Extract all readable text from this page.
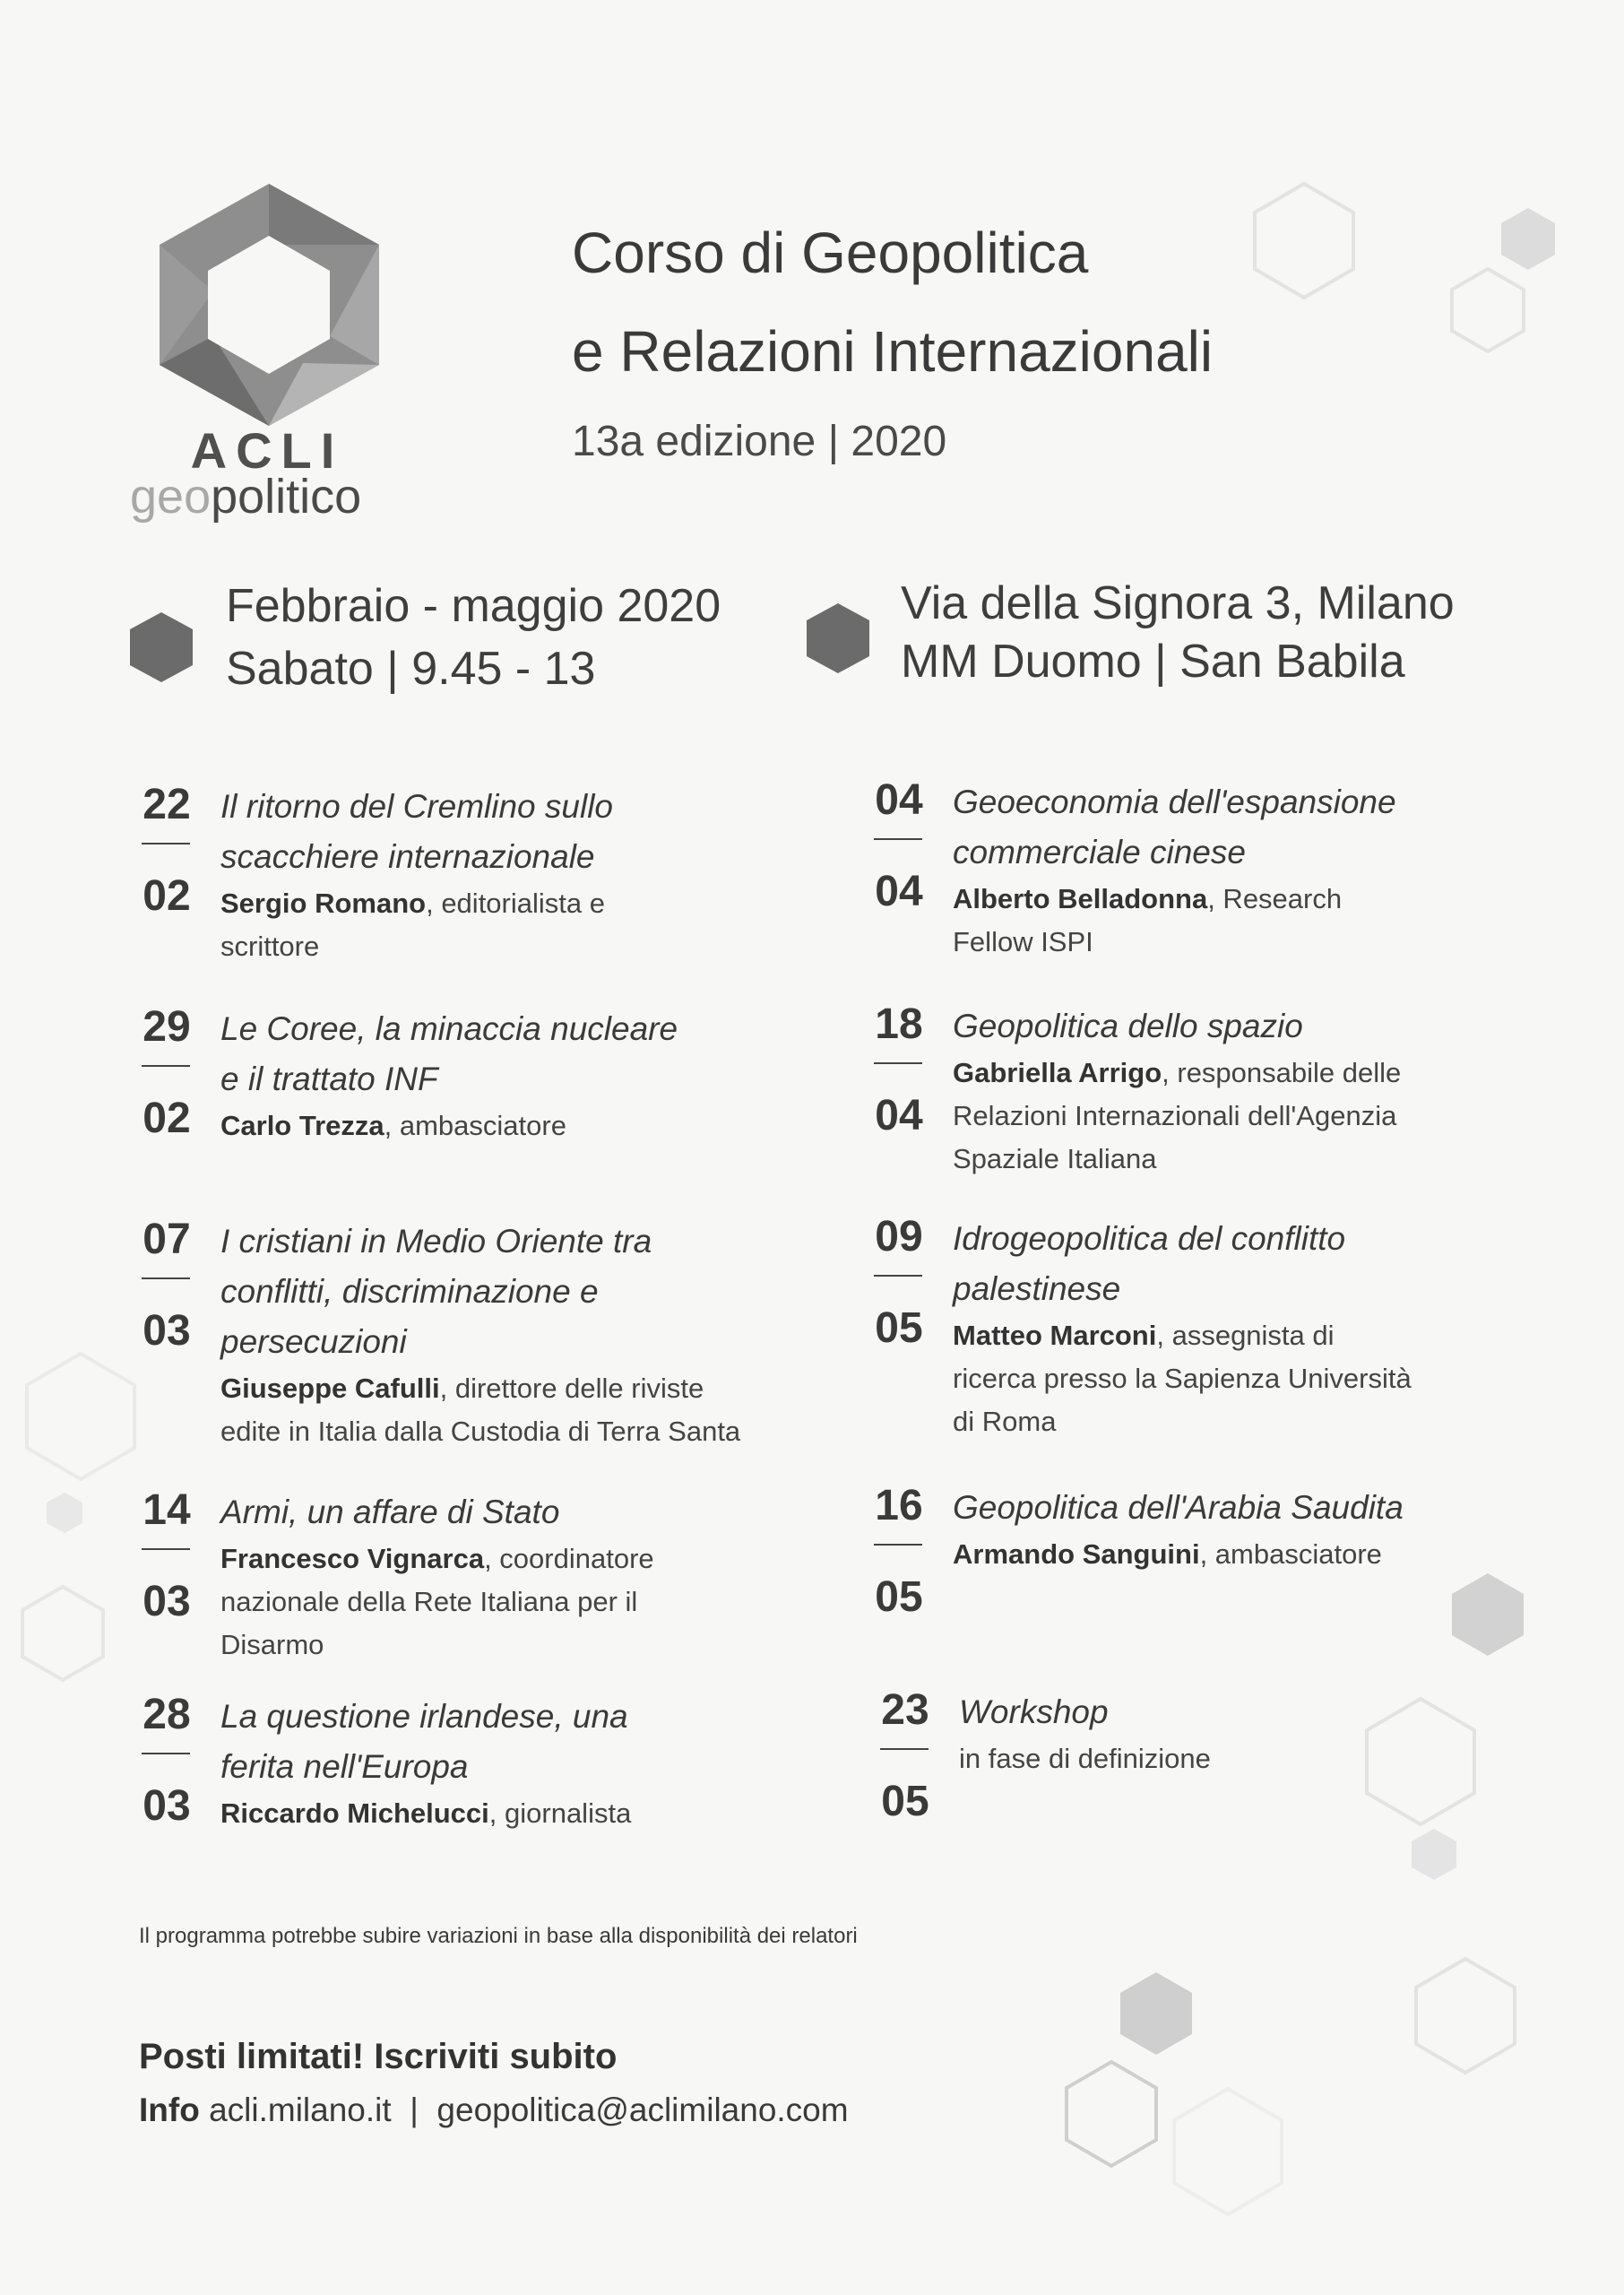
ACLI
geopolitico
Corso di Geopolitica
e Relazioni Internazionali
13a edizione | 2020
Febbraio - maggio 2020
Sabato | 9.45 - 13
Via della Signora 3, Milano
MM Duomo | San Babila
22
02
Il ritorno del Cremlino sullo
scacchiere internazionale
Sergio Romano, editorialista e
scrittore
29
02
Le Coree, la minaccia nucleare
e il trattato INF
Carlo Trezza, ambasciatore
07
03
I cristiani in Medio Oriente tra
conflitti, discriminazione e
persecuzioni
Giuseppe Cafulli, direttore delle riviste
edite in Italia dalla Custodia di Terra Santa
14
03
Armi, un affare di Stato
Francesco Vignarca, coordinatore
nazionale della Rete Italiana per il
Disarmo
28
03
La questione irlandese, una
ferita nell'Europa
Riccardo Michelucci, giornalista
04
04
Geoeconomia dell'espansione
commerciale cinese
Alberto Belladonna, Research
Fellow ISPI
18
04
Geopolitica dello spazio
Gabriella Arrigo, responsabile delle
Relazioni Internazionali dell'Agenzia
Spaziale Italiana
09
05
Idrogeopolitica del conflitto
palestinese
Matteo Marconi, assegnista di
ricerca presso la Sapienza Università
di Roma
16
05
Geopolitica dell'Arabia Saudita
Armando Sanguini, ambasciatore
23
05
Workshop
in fase di definizione
Il programma potrebbe subire variazioni in base alla disponibilità dei relatori
Posti limitati! Iscriviti subito
Info acli.milano.it | geopolitica@aclimilano.com
